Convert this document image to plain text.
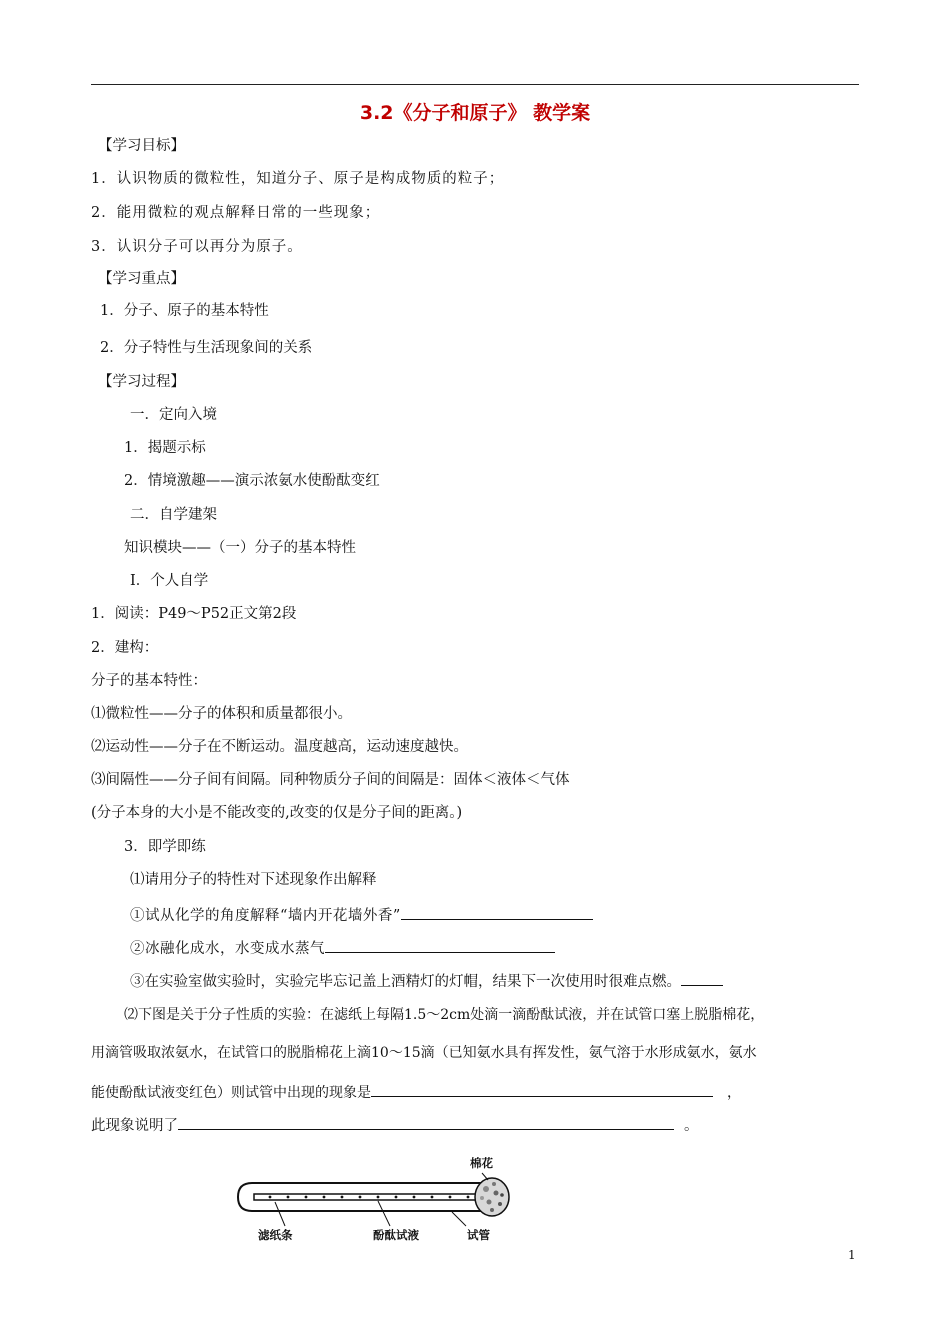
3.2《分子和原子》 教学案
【学习目标】
1．认识物质的微粒性，知道分子、原子是构成物质的粒子；
2．能用微粒的观点解释日常的一些现象；
3．认识分子可以再分为原子。
【学习重点】
1．分子、原子的基本特性
2．分子特性与生活现象间的关系
【学习过程】
一．定向入境
1．揭题示标
2．情境激趣——演示浓氨水使酚酞变红
二．自学建架
知识模块——（一）分子的基本特性
Ⅰ．个人自学
1．阅读：P49～P52正文第2段
2．建构：
分子的基本特性：
⑴微粒性——分子的体积和质量都很小。
⑵运动性——分子在不断运动。温度越高，运动速度越快。
⑶间隔性——分子间有间隔。同种物质分子间的间隔是：固体＜液体＜气体
(分子本身的大小是不能改变的,改变的仅是分子间的距离。)
3．即学即练
⑴请用分子的特性对下述现象作出解释
①试从化学的角度解释“墙内开花墙外香”
②冰融化成水，水变成水蒸气
③在实验室做实验时，实验完毕忘记盖上酒精灯的灯帽，结果下一次使用时很难点燃。
⑵下图是关于分子性质的实验：在滤纸上每隔1.5～2cm处滴一滴酚酞试液，并在试管口塞上脱脂棉花，
用滴管吸取浓氨水，在试管口的脱脂棉花上滴10～15滴（已知氨水具有挥发性，氨气溶于水形成氨水，氨水
能使酚酞试液变红色）则试管中出现的现象是	，
此现象说明了	。
棉花
滤纸条	酚酞试液	试管
1
